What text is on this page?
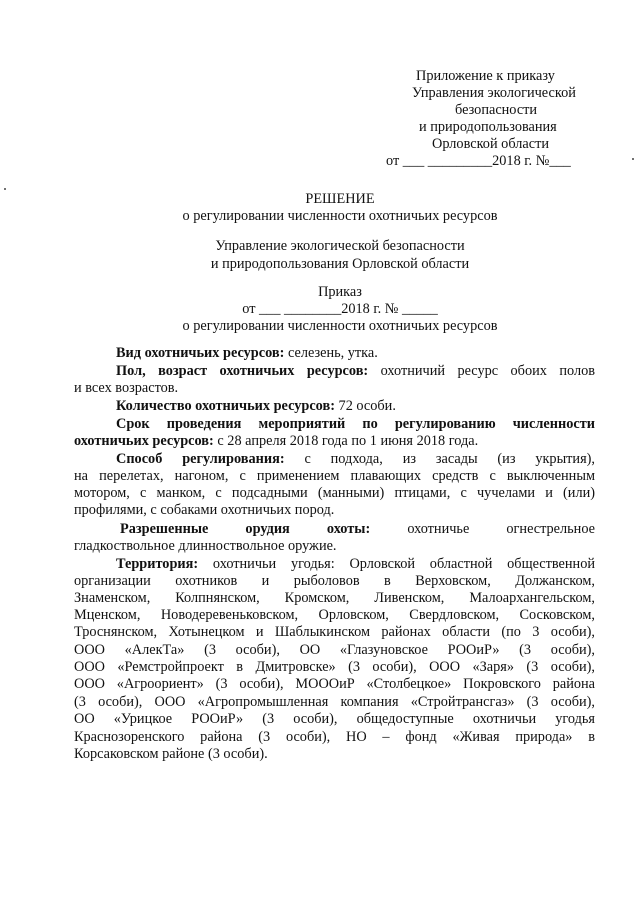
Приложение к приказу
Управления экологической
безопасности
и природопользования
Орловской области
от ___ _________2018 г. №___
РЕШЕНИЕ
о регулировании численности охотничьих ресурсов
Управление экологической безопасности
и природопользования Орловской области
Приказ
от ___ ________2018 г. № _____
о регулировании численности охотничьих ресурсов
Вид охотничьих ресурсов: селезень, утка.
Пол, возраст охотничьих ресурсов: охотничий ресурс обоих полов
и всех возрастов.
Количество охотничьих ресурсов: 72 особи.
Срок проведения мероприятий по регулированию численности
охотничьих ресурсов: с 28 апреля 2018 года по 1 июня 2018 года.
Способ регулирования: с подхода, из засады (из укрытия),
на перелетах, нагоном, с применением плавающих средств с выключенным
мотором, с манком, с подсадными (манными) птицами, с чучелами и (или)
профилями, с собаками охотничьих пород.
Разрешенные орудия охоты: охотничье огнестрельное
гладкоствольное длинноствольное оружие.
Территория: охотничьи угодья: Орловской областной общественной
организации охотников и рыболовов в Верховском, Должанском,
Знаменском, Колпнянском, Кромском, Ливенском, Малоархангельском,
Мценском, Новодеревеньковском, Орловском, Свердловском, Сосковском,
Троснянском, Хотынецком и Шаблыкинском районах области (по 3 особи),
ООО «АлекТа» (3 особи), ОО «Глазуновское РООиР» (3 особи),
ООО «Ремстройпроект в Дмитровске» (3 особи), ООО «Заря» (3 особи),
ООО «Агроориент» (3 особи), МОООиР «Столбецкое» Покровского района
(3 особи), ООО «Агропромышленная компания «Стройтрансгаз» (3 особи),
ОО «Урицкое РООиР» (3 особи), общедоступные охотничьи угодья
Краснозоренского района (3 особи), НО – фонд «Живая природа» в
Корсаковском районе (3 особи).
